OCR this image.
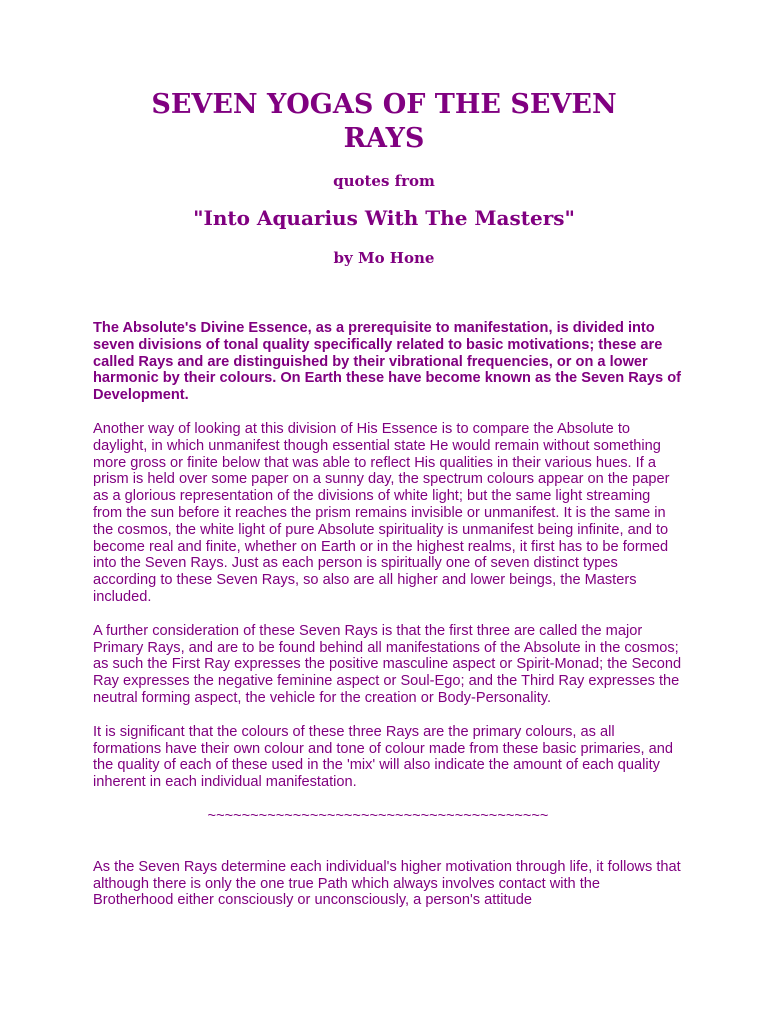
SEVEN YOGAS OF THE SEVEN RAYS
quotes from
"Into Aquarius With The Masters"
by Mo Hone

The Absolute's Divine Essence, as a prerequisite to manifestation, is divided into seven divisions of tonal quality specifically related to basic motivations; these are called Rays and are distinguished by their vibrational frequencies, or on a lower harmonic by their colours. On Earth these have become known as the Seven Rays of Development.

Another way of looking at this division of His Essence is to compare the Absolute to daylight, in which unmanifest though essential state He would remain without something more gross or finite below that was able to reflect His qualities in their various hues. If a prism is held over some paper on a sunny day, the spectrum colours appear on the paper as a glorious representation of the divisions of white light; but the same light streaming from the sun before it reaches the prism remains invisible or unmanifest. It is the same in the cosmos, the white light of pure Absolute spirituality is unmanifest being infinite, and to become real and finite, whether on Earth or in the highest realms, it first has to be formed into the Seven Rays. Just as each person is spiritually one of seven distinct types according to these Seven Rays, so also are all higher and lower beings, the Masters included.

A further consideration of these Seven Rays is that the first three are called the major Primary Rays, and are to be found behind all manifestations of the Absolute in the cosmos; as such the First Ray expresses the positive masculine aspect or Spirit-Monad; the Second Ray expresses the negative feminine aspect or Soul-Ego; and the Third Ray expresses the neutral forming aspect, the vehicle for the creation or Body-Personality.

It is significant that the colours of these three Rays are the primary colours, as all formations have their own colour and tone of colour made from these basic primaries, and the quality of each of these used in the 'mix' will also indicate the amount of each quality inherent in each individual manifestation.

~~~~~~~~~~~~~~~~~~~~~~~~~~~~~~~~~~~~~~~~

As the Seven Rays determine each individual's higher motivation through life, it follows that although there is only the one true Path which always involves contact with the Brotherhood either consciously or unconsciously, a person's attitude
